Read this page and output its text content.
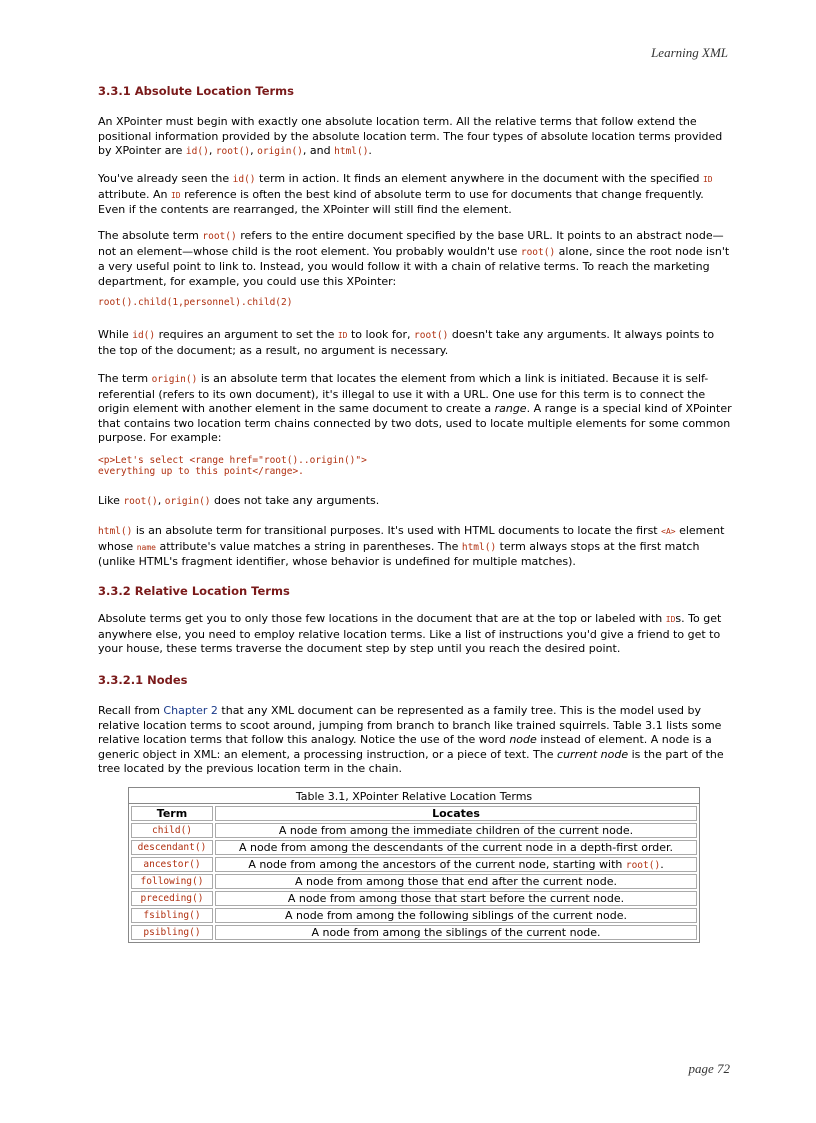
Learning XML
3.3.1 Absolute Location Terms

An XPointer must begin with exactly one absolute location term. All the relative terms that follow extend the positional information provided by the absolute location term. The four types of absolute location terms provided by XPointer are id(), root(), origin(), and html().

You've already seen the id() term in action. It finds an element anywhere in the document with the specified ID attribute. An ID reference is often the best kind of absolute term to use for documents that change frequently. Even if the contents are rearranged, the XPointer will still find the element.

The absolute term root() refers to the entire document specified by the base URL. It points to an abstract node—not an element—whose child is the root element. You probably wouldn't use root() alone, since the root node isn't a very useful point to link to. Instead, you would follow it with a chain of relative terms. To reach the marketing department, for example, you could use this XPointer:

root().child(1,personnel).child(2)

While id() requires an argument to set the ID to look for, root() doesn't take any arguments. It always points to the top of the document; as a result, no argument is necessary.

The term origin() is an absolute term that locates the element from which a link is initiated. Because it is self-referential (refers to its own document), it's illegal to use it with a URL. One use for this term is to connect the origin element with another element in the same document to create a range. A range is a special kind of XPointer that contains two location term chains connected by two dots, used to locate multiple elements for some common purpose. For example:

<p>Let's select <range href="root()..origin()">
everything up to this point</range>.

Like root(), origin() does not take any arguments.

html() is an absolute term for transitional purposes. It's used with HTML documents to locate the first <A> element whose name attribute's value matches a string in parentheses. The html() term always stops at the first match (unlike HTML's fragment identifier, whose behavior is undefined for multiple matches).

3.3.2 Relative Location Terms

Absolute terms get you to only those few locations in the document that are at the top or labeled with IDs. To get anywhere else, you need to employ relative location terms. Like a list of instructions you'd give a friend to get to your house, these terms traverse the document step by step until you reach the desired point.

3.3.2.1 Nodes

Recall from Chapter 2 that any XML document can be represented as a family tree. This is the model used by relative location terms to scoot around, jumping from branch to branch like trained squirrels. Table 3.1 lists some relative location terms that follow this analogy. Notice the use of the word node instead of element. A node is a generic object in XML: an element, a processing instruction, or a piece of text. The current node is the part of the tree located by the previous location term in the chain.

Table 3.1, XPointer Relative Location Terms
Term	Locates
child()	A node from among the immediate children of the current node.
descendant()	A node from among the descendants of the current node in a depth-first order.
ancestor()	A node from among the ancestors of the current node, starting with root().
following()	A node from among those that end after the current node.
preceding()	A node from among those that start before the current node.
fsibling()	A node from among the following siblings of the current node.
psibling()	A node from among the siblings of the current node.
page 72
